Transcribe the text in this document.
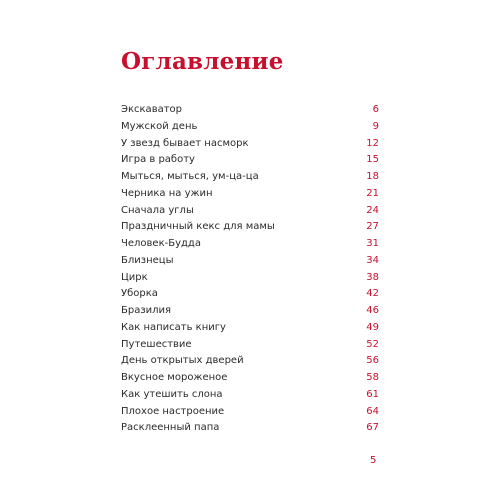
Оглавление
Экскаватор	6
Мужской день	9
У звезд бывает насморк	12
Игра в работу	15
Мыться, мыться, ум-ца-ца	18
Черника на ужин	21
Сначала углы	24
Праздничный кекс для мамы	27
Человек-Будда	31
Близнецы	34
Цирк	38
Уборка	42
Бразилия	46
Как написать книгу	49
Путешествие	52
День открытых дверей	56
Вкусное мороженое	58
Как утешить слона	61
Плохое настроение	64
Расклеенный папа	67
5
